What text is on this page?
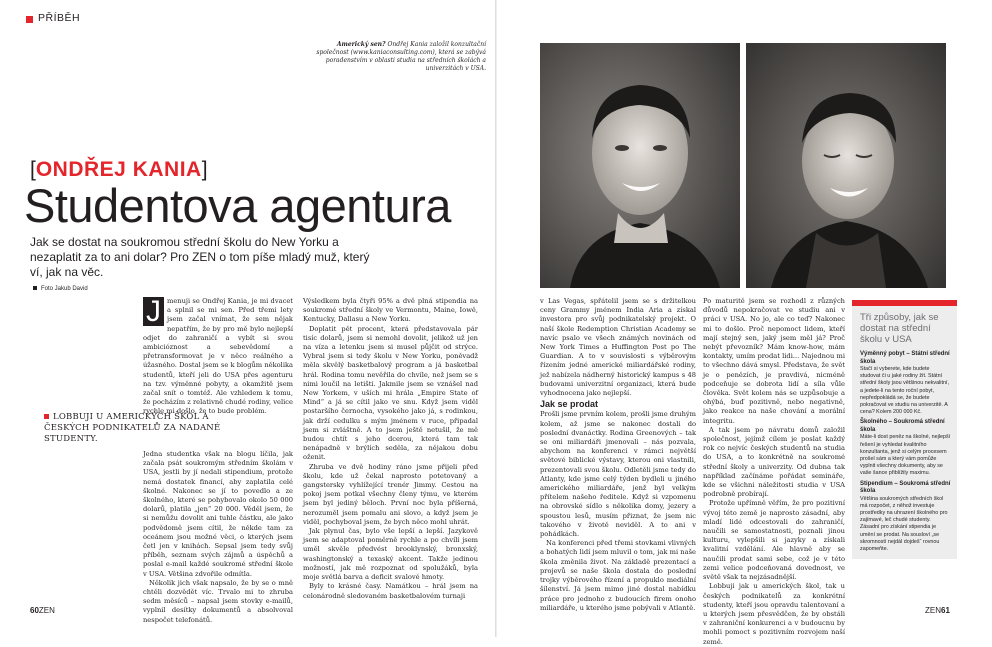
PŘÍBĚH
Americký sen? Ondřej Kania založil konzultační společnost (www.kaniaconsulting.com), která se zabývá poradenstvím v oblasti studia na středních školách a univerzitách v USA.
[ONDŘEJ KANIA]
Studentova agentura
Jak se dostat na soukromou střední školu do New Yorku a nezaplatit za to ani dolar? Pro ZEN o tom píše mladý muž, který ví, jak na věc.
Foto Jakub David
J menuji se Ondřej Kania, je mi dvacet a splnil se mi sen. Před třemi lety jsem začal vnímat, že sem nějak nepatřím, že by pro mě bylo nejlepší odjet do zahraničí a vybít si svou ambicióznost a sebevědomí a přetransformovat je v něco reálného a úžasného. Dostal jsem se k blogům několika studentů, kteří jeli do USA přes agenturu na tzv. výměnné pobyty, a okamžitě jsem začal snít o tomtéž. Ale vzhledem k tomu, že pocházím z relativně chudé rodiny, velice rychle mi došlo, že to bude problém.

LOBBUJI U AMERICKÝCH ŠKOL A ČESKÝCH PODNIKATELŮ ZA NADANÉ STUDENTY.

Jedna studentka však na blogu líčila, jak začala psát soukromým středním školám v USA, jestli by jí nedali stipendium, protože nemá dostatek financí, aby zaplatila celé školné. Nakonec se jí to povedlo a ze školného, které se pohybovalo okolo 50 000 dolarů, platila „jen“ 20 000. Věděl jsem, že si nemůžu dovolit ani tuhle částku, ale jako podvědomě jsem cítil, že někde tam za oceánem jsou možné věci, o kterých jsem četl jen v knihách. Sepsal jsem tedy svůj příběh, seznam svých zájmů a úspěchů a poslal e-mail každé soukromé střední škole v USA. Většina zdvořile odmítla.

Několik jich však napsalo, že by se o mně chtěli dozvědět víc. Trvalo mi to zhruba sedm měsíců – napsal jsem stovky e-mailů, vyplnil desítky dokumentů a absolvoval nespočet telefonátů.

Výsledkem byla čtyři 95% a dvě plná stipendia na soukromé střední školy ve Vermontu, Maine, Iowě, Kentucky, Dallasu a New Yorku.

Doplatit pět procent, která představovala pár tisíc dolarů, jsem si nemohl dovolit, jelikož už jen na víza a letenku jsem si musel půjčit od strýce. Vybral jsem si tedy školu v New Yorku, poněvadž měla skvělý basketbalový program a já basketbal hrál. Rodina tomu nevěřila do chvíle, než jsem se s nimi loučil na letišti. Jakmile jsem se vznášel nad New Yorkem, v uších mi hrála „Empire State of Mind“ a já se cítil jako ve snu. Když jsem viděl postaršího černocha, vysokého jako já, s rodinkou, jak drží cedulku s mým jménem v ruce, připadal jsem si zvláštně. A to jsem ještě netušil, že mě budou chtít s jeho dcerou, která tam tak nenápadně v brýlích seděla, za nějakou dobu oženit.

Zhruba ve dvě hodiny ráno jsme přijeli před školu, kde už čekal naprosto potetovaný a gangstersky vyhlížející trenér Jimmy. Cestou na pokoj jsem potkal všechny členy týmu, ve kterém jsem byl jediný běloch. První noc byla příšerná, nerozuměl jsem pomalu ani slovo, a když jsem je viděl, pochyboval jsem, že bych něco mohl uhrát.

Jak plynul čas, bylo vše lepší a lepší. Jazykově jsem se adaptoval poměrně rychle a po chvíli jsem uměl skvěle předvést brooklynský, bronxský, washingtonský a texaský akcent. Takže jedinou možností, jak mě rozpoznat od spolužáků, byla moje světlá barva a deficit svalové hmoty.

Byly to krásné časy. Namátkou – hrál jsem na celonárodně sledovaném basketbalovém turnaji

60ZEN

v Las Vegas, spřátelil jsem se s držitelkou ceny Grammy jménem India Aria a získal investora pro svůj podnikatelský projekt. O naší škole Redemption Christian Academy se navíc psalo ve všech známých novinách od New York Times a Huffington Post po The Guardian. A to v souvislosti s výběrovým řízením jedné americké miliardářské rodiny, jež nabízela nádherný historický kampus s 48 budovami univerzitní organizaci, která bude vyhodnocena jako nejlepší.

Jak se prodat

Prošli jsme prvním kolem, prošli jsme druhým kolem, až jsme se nakonec dostali do poslední dvanáctky. Rodina Greenových – tak se oni miliardáři jmenovali – nás pozvala, abychom na konferenci v rámci největší světové biblické výstavy, kterou oni vlastnili, prezentovali svou školu. Odletěli jsme tedy do Atlanty, kde jsme celý týden bydleli u jiného amerického miliardáře, jenž byl velkým přítelem našeho ředitele. Když si vzpomenu na obrovské sídlo s několika domy, jezery a spoustou lesů, musím přiznat, že jsem nic takového v životě neviděl. A to ani v pohádkách.

Na konferenci před třemi stovkami vlivných a bohatých lidí jsem mluvil o tom, jak mi naše škola změnila život. Na základě prezentací a projevů se naše škola dostala do poslední trojky výběrového řízení a propuklo mediální šílenství. Já jsem mimo jiné dostal nabídku práce pro jednoho z budoucích firem onoho miliardáře, u kterého jsme pobývali v Atlantě.

Po maturitě jsem se rozhodl z různých důvodů nepokračovat ve studiu ani v práci v USA. No jo, ale co teď? Nakonec mi to došlo. Proč nepomoct lidem, kteří mají stejný sen, jaký jsem měl já? Proč nebýt převozník? Mám know-how, mám kontakty, umím prodat lidi... Najednou mi to všechno dává smysl. Představa, že svět je o penězích, je pravdivá, nicméně podceňuje se dobrota lidí a síla vůle člověka. Svět kolem nás se uzpůsobuje a ohýbá, buď pozitivně, nebo negativně, jako reakce na naše chování a morální integritu.

A tak jsem po návratu domů založil společnost, jejímž cílem je poslat každý rok co nejvíc českých studentů na studia do USA, a to konkrétně na soukromé střední školy a univerzity. Od dubna tak například začínáme pořádat semináře, kde se všichni náležitosti studia v USA podrobně probírají.

Protože upřímně věřím, že pro pozitivní vývoj této země je naprosto zásadní, aby mladí lidé odcestovali do zahraničí, naučili se samostatnosti, poznali jinou kulturu, vylepšili si jazyky a získali kvalitní vzdělání. Ale hlavně aby se naučili prodat sami sebe, což je v této zemi velice podceňovaná dovednost, ve světě však ta nejzásadnější.

Lobbuji jak u amerických škol, tak u českých podnikatelů za konkrétní studenty, kteří jsou opravdu talentovaní a u kterých jsem přesvědčen, že by obstáli v zahraniční konkurenci a v budoucnu by mohli pomoct s pozitivním rozvojem naší země.

Tři způsoby, jak se dostat na střední školu v USA
Výměnný pobyt – Státní střední škola
Stačí si vyberete, kde budete studovat či u jaké rodiny žít. Státní střední školy jsou většinou nekvalitní, a jedete-li na tento roční pobyt, nepředpokládá se, že budete pokračovat ve studiu na univerzitě. A cena? Kolem 200 000 Kč.
Školného – Soukromá střední škola
Máte-li dost peněz na školné, nejlepší řešení je vyhledat kvalitního konzultanta, jenž si celým procesem prošel sám a který vám pomůže vyplnit všechny dokumenty, aby se vaše šance přiblížily maximu.
Stipendium – Soukromá střední škola
Většina soukromých středních škol má rozpočet, z něhož investuje prostředky na uhrazení školného pro zajímavé, leč chudé studenty. Zásadní pro získání stipendia je umění se prodat. Na sousloví „se skromností nejdál dojdeš“ rovnou zapomeňte.
ZEN61
